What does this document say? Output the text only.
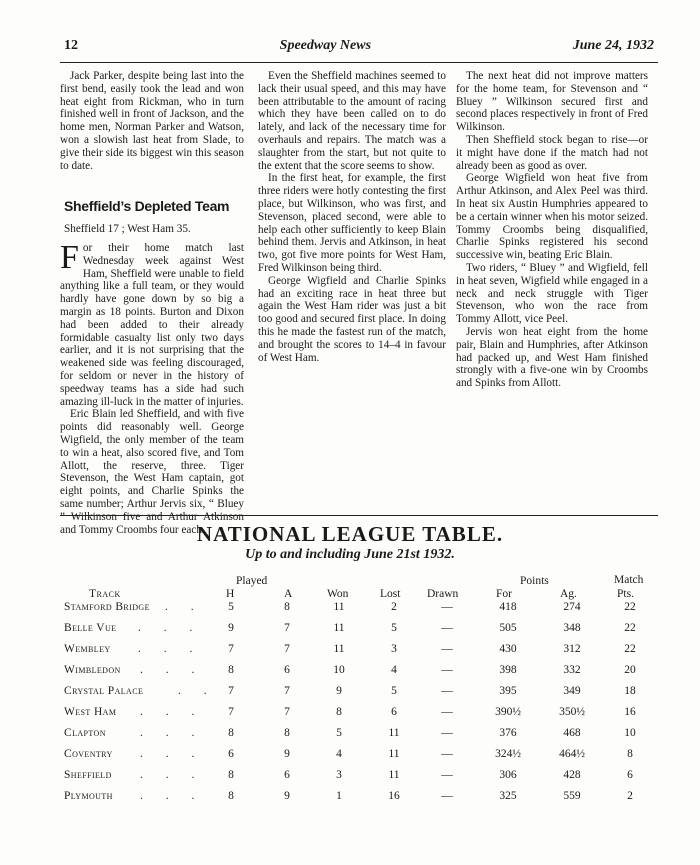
12	Speedway News	June 24, 1932

Jack Parker, despite being last into the first bend, easily took the lead and won heat eight from Rickman, who in turn finished well in front of Jackson, and the home men, Norman Parker and Watson, won a slowish last heat from Slade, to give their side its biggest win this season to date.

Sheffield’s Depleted Team
Sheffield 17 ; West Ham 35.

For their home match last Wednesday week against West Ham, Sheffield were unable to field anything like a full team, or they would hardly have gone down by so big a margin as 18 points. Burton and Dixon had been added to their already formidable casualty list only two days earlier, and it is not surprising that the weakened side was feeling discouraged, for seldom or never in the history of speedway teams has a side had such amazing ill-luck in the matter of injuries.

Eric Blain led Sheffield, and with five points did reasonably well. George Wigfield, the only member of the team to win a heat, also scored five, and Tom Allott, the reserve, three. Tiger Stevenson, the West Ham captain, got eight points, and Charlie Spinks the same number; Arthur Jervis six, “ Bluey ” Wilkinson five and Arthur Atkinson and Tommy Croombs four each.

Even the Sheffield machines seemed to lack their usual speed, and this may have been attributable to the amount of racing which they have been called on to do lately, and lack of the necessary time for overhauls and repairs. The match was a slaughter from the start, but not quite to the extent that the score seems to show.

In the first heat, for example, the first three riders were hotly contesting the first place, but Wilkinson, who was first, and Stevenson, placed second, were able to help each other sufficiently to keep Blain behind them. Jervis and Atkinson, in heat two, got five more points for West Ham, Fred Wilkinson being third.

George Wigfield and Charlie Spinks had an exciting race in heat three but again the West Ham rider was just a bit too good and secured first place. In doing this he made the fastest run of the match, and brought the scores to 14–4 in favour of West Ham.

The next heat did not improve matters for the home team, for Stevenson and “ Bluey ” Wilkinson secured first and second places respectively in front of Fred Wilkinson.

Then Sheffield stock began to rise—or it might have done if the match had not already been as good as over.

George Wigfield won heat five from Arthur Atkinson, and Alex Peel was third. In heat six Austin Humphries appeared to be a certain winner when his motor seized. Tommy Croombs being disqualified, Charlie Spinks registered his second successive win, beating Eric Blain.

Two riders, “ Bluey ” and Wigfield, fell in heat seven, Wigfield while engaged in a neck and neck struggle with Tiger Stevenson, who won the race from Tommy Allott, vice Peel.

Jervis won heat eight from the home pair, Blain and Humphries, after Atkinson had packed up, and West Ham finished strongly with a five-one win by Croombs and Spinks from Allott.

NATIONAL LEAGUE TABLE.
Up to and including June 21st 1932.
Played	Points	Match
Track	H	A	Won	Lost Drawn	For	Ag.	Pts.
Stamford Bridge . . 5	8	11	2	—	418	274	22
Belle Vue . . . 9	7	11	5	—	505	348	22
Wembley . . . 7	7	11	3	—	430	312	22
Wimbledon . . . 8	6	10	4	—	398	332	20
Crystal Palace	. . 7	7	9	5	—	395	349	18
West Ham . . . 7	7	8	6	—	390½	350½	16
Clapton	. . . 8	8	5	11	—	376	468	10
Coventry . . . 6	9	4	11	—	324½	464½	8
Sheffield . . . 8	6	3	11	—	306	428	6
Plymouth . . . 8	9	1	16	—	325	559	2
